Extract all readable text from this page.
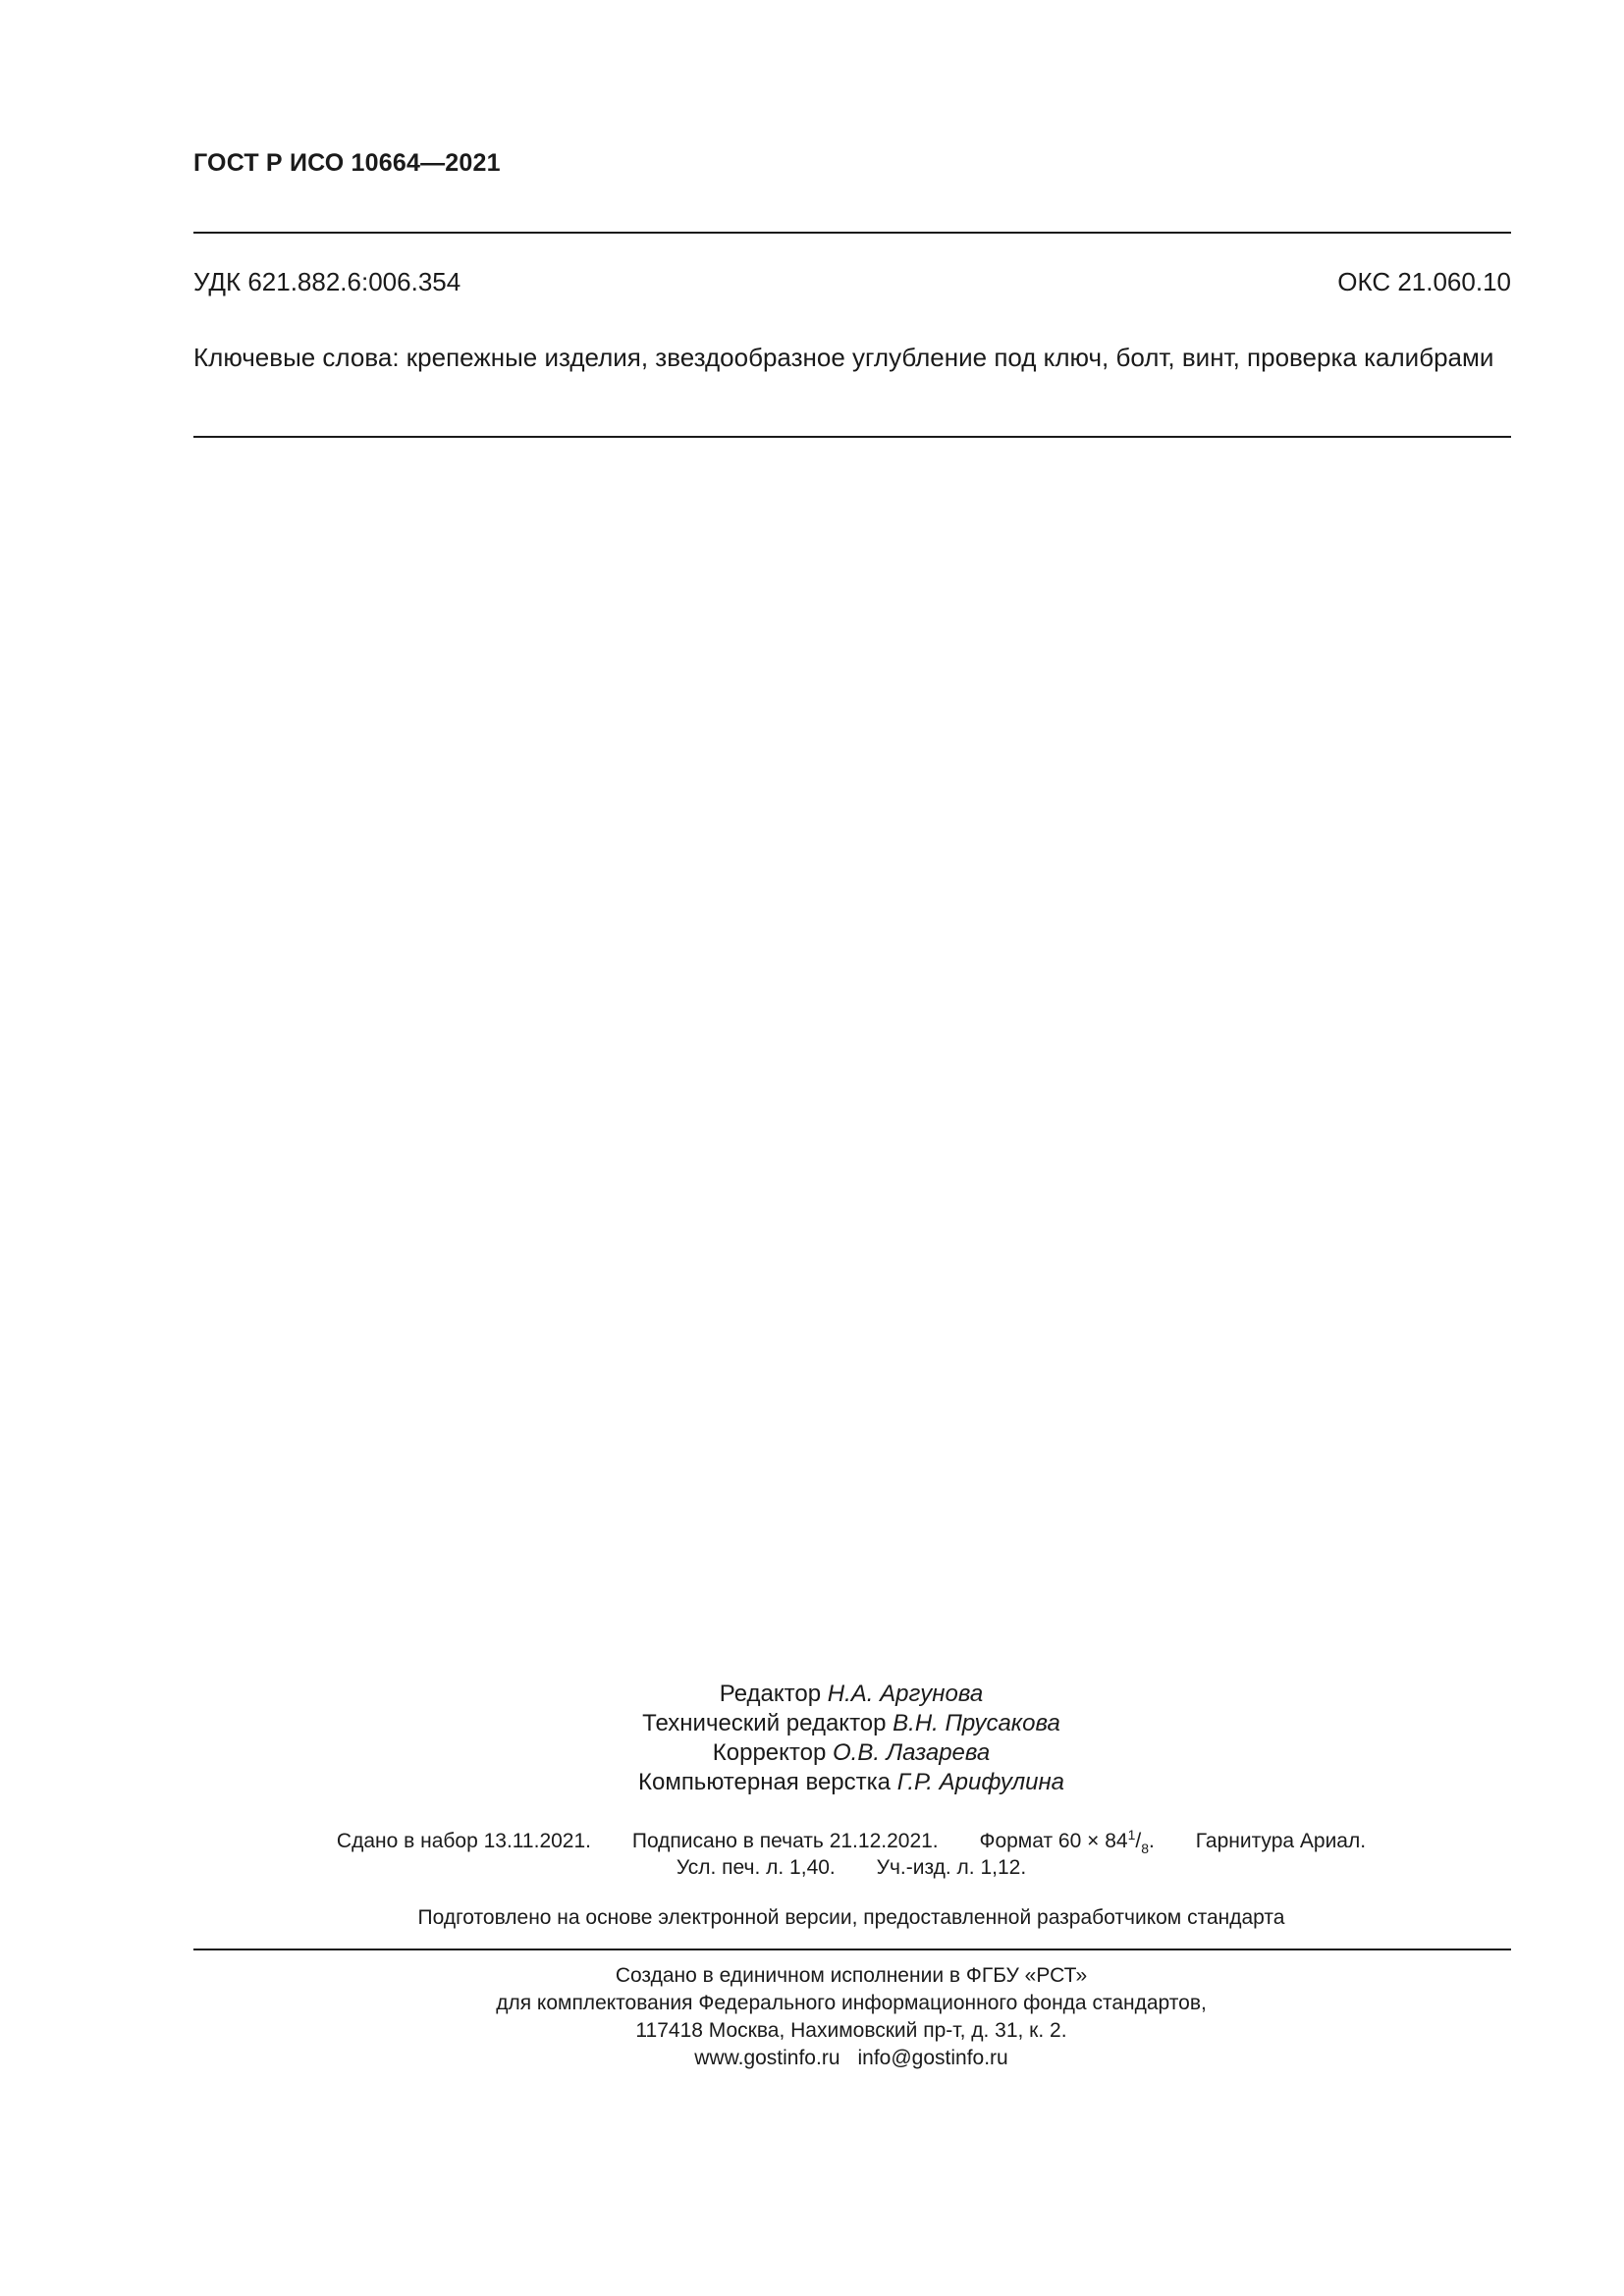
ГОСТ Р ИСО 10664—2021
УДК 621.882.6:006.354	ОКС 21.060.10
Ключевые слова: крепежные изделия, звездообразное углубление под ключ, болт, винт, проверка калибрами
Редактор Н.А. Аргунова
Технический редактор В.Н. Прусакова
Корректор О.В. Лазарева
Компьютерная верстка Г.Р. Арифулина
Сдано в набор 13.11.2021. Подписано в печать 21.12.2021. Формат $60 \times 84^1/_8$. Гарнитура Ариал.
Усл. печ. л. 1,40. Уч.-изд. л. 1,12.
Подготовлено на основе электронной версии, предоставленной разработчиком стандарта
Создано в единичном исполнении в ФГБУ «РСТ»
для комплектования Федерального информационного фонда стандартов,
117418 Москва, Нахимовский пр-т, д. 31, к. 2.
www.gostinfo.ru info@gostinfo.ru
